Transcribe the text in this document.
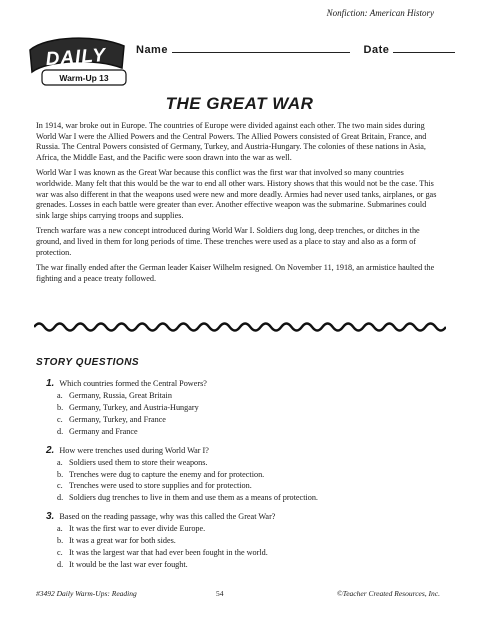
Nonfiction: American History
DAILY
Warm-Up 13
Name	Date
THE GREAT WAR

In 1914, war broke out in Europe. The countries of Europe were divided against each other. The two main sides during World War I were the Allied Powers and the Central Powers. The Allied Powers consisted of Great Britain, France, and Russia. The Central Powers consisted of Germany, Turkey, and Austria-Hungary. The colonies of these nations in Asia, Africa, the Middle East, and the Pacific were soon drawn into the war as well.

World War I was known as the Great War because this conflict was the first war that involved so many countries worldwide. Many felt that this would be the war to end all other wars. History shows that this would not be the case. This war was also different in that the weapons used were new and more deadly. Armies had never used tanks, airplanes, or gas grenades. Losses in each battle were greater than ever. Another effective weapon was the submarine. Submarines could sink large ships carrying troops and supplies.

Trench warfare was a new concept introduced during World War I. Soldiers dug long, deep trenches, or ditches in the ground, and lived in them for long periods of time. These trenches were used as a place to stay and also as a form of protection.

The war finally ended after the German leader Kaiser Wilhelm resigned. On November 11, 1918, an armistice haulted the fighting and a peace treaty followed.

STORY QUESTIONS
1. Which countries formed the Central Powers?
a. Germany, Russia, Great Britain
b. Germany, Turkey, and Austria-Hungary
c. Germany, Turkey, and France
d. Germany and France
2. How were trenches used during World War I?
a. Soldiers used them to store their weapons.
b. Trenches were dug to capture the enemy and for protection.
c. Trenches were used to store supplies and for protection.
d. Soldiers dug trenches to live in them and use them as a means of protection.
3. Based on the reading passage, why was this called the Great War?
a. It was the first war to ever divide Europe.
b. It was a great war for both sides.
c. It was the largest war that had ever been fought in the world.
d. It would be the last war ever fought.
#3492 Daily Warm-Ups: Reading	54	©Teacher Created Resources, Inc.
